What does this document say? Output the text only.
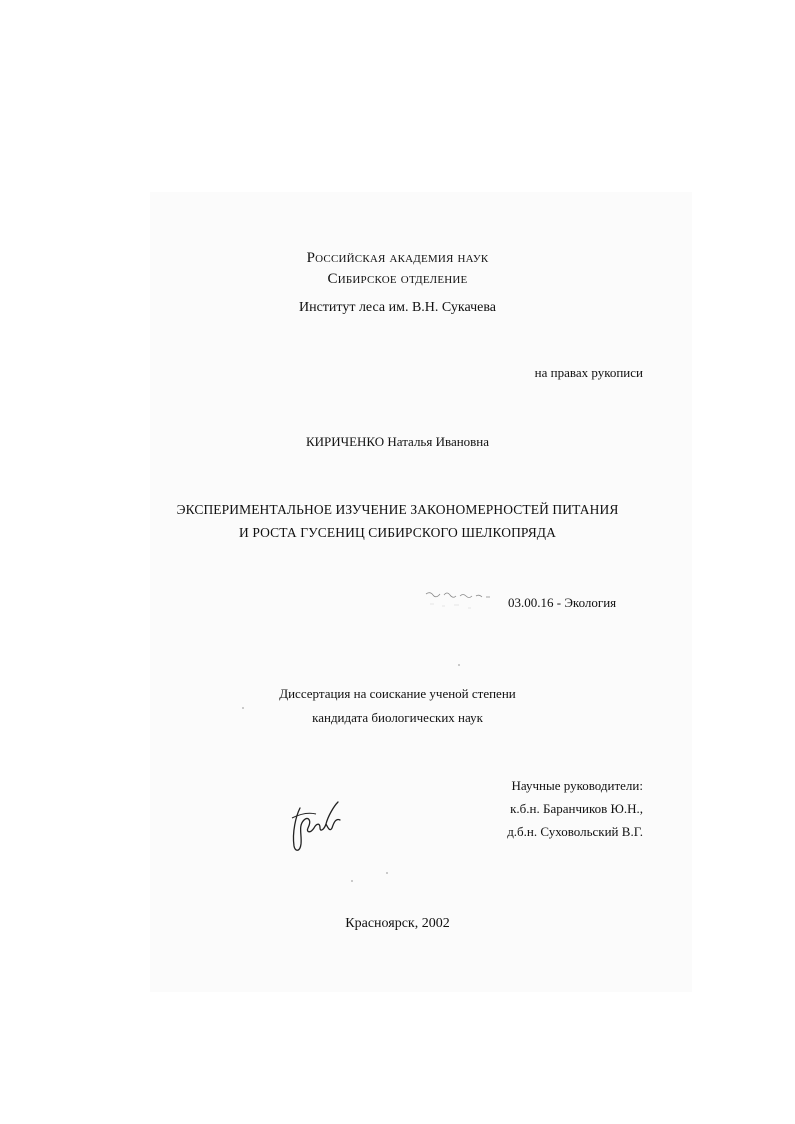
Российская академия наук
Сибирское отделение
Институт леса им. В.Н. Сукачева
на правах рукописи
КИРИЧЕНКО Наталья Ивановна
ЭКСПЕРИМЕНТАЛЬНОЕ ИЗУЧЕНИЕ ЗАКОНОМЕРНОСТЕЙ ПИТАНИЯ
И РОСТА ГУСЕНИЦ СИБИРСКОГО ШЕЛКОПРЯДА
03.00.16 - Экология
Диссертация на соискание ученой степени
кандидата биологических наук
Научные руководители:
к.б.н. Баранчиков Ю.Н.,
д.б.н. Суховольский В.Г.
Красноярск, 2002
